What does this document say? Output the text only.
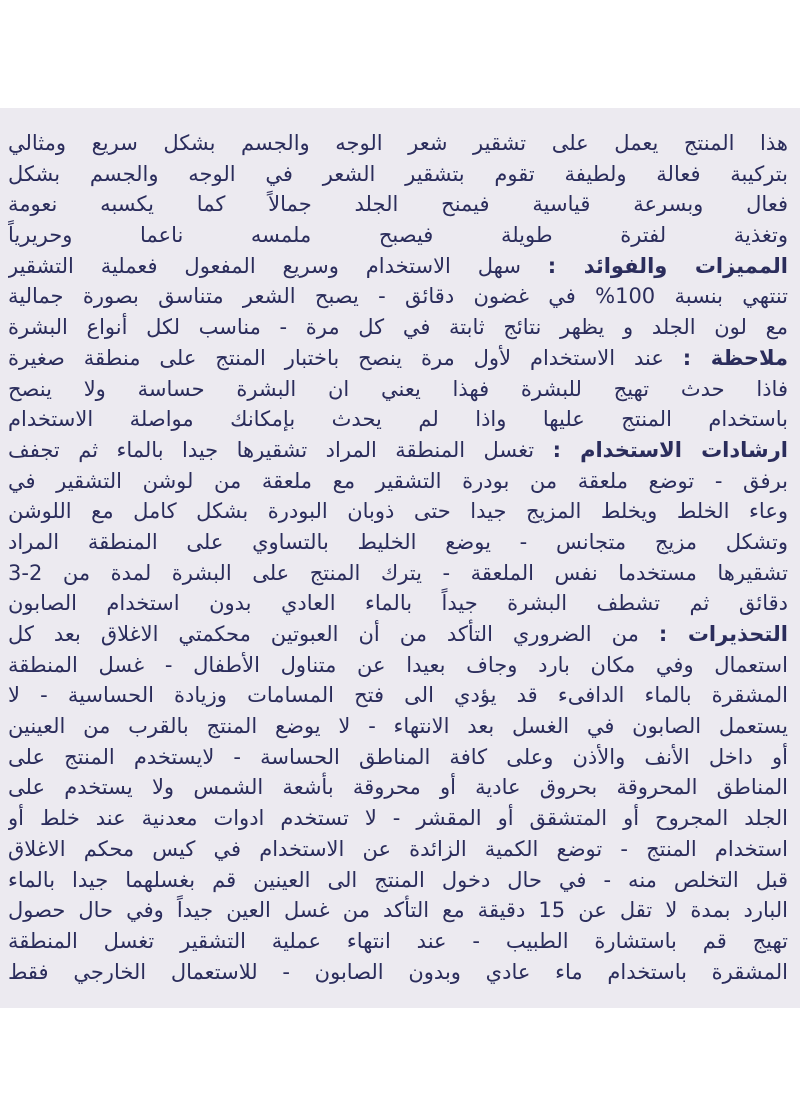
هذا المنتج يعمل على تشقير شعر الوجه والجسم بشكل سريع ومثالي
بتركيبة فعالة ولطيفة تقوم بتشقير الشعر في الوجه والجسم بشكل
فعال وبسرعة قياسية فيمنح الجلد جمالاً كما يكسبه نعومة
وتغذية لفترة طويلة فيصبح ملمسه ناعما وحريرياً
المميزات والفوائد : سهل الاستخدام وسريع المفعول فعملية التشقير
تنتهي بنسبة 100% في غضون دقائق - يصبح الشعر متناسق بصورة جمالية
مع لون الجلد و يظهر نتائج ثابتة في كل مرة - مناسب لكل أنواع البشرة
ملاحظة : عند الاستخدام لأول مرة ينصح باختبار المنتج على منطقة صغيرة
فاذا حدث تهيج للبشرة فهذا يعني ان البشرة حساسة ولا ينصح
باستخدام المنتج عليها واذا لم يحدث بإمكانك مواصلة الاستخدام
ارشادات الاستخدام : تغسل المنطقة المراد تشقيرها جيدا بالماء ثم تجفف
برفق - توضع ملعقة من بودرة التشقير مع ملعقة من لوشن التشقير في
وعاء الخلط ويخلط المزيج جيدا حتى ذوبان البودرة بشكل كامل مع اللوشن
وتشكل مزيج متجانس - يوضع الخليط بالتساوي على المنطقة المراد
تشقيرها مستخدما نفس الملعقة - يترك المنتج على البشرة لمدة من 2-3
دقائق ثم تشطف البشرة جيداً بالماء العادي بدون استخدام الصابون
التحذيرات : من الضروري التأكد من أن العبوتين محكمتي الاغلاق بعد كل
استعمال وفي مكان بارد وجاف بعيدا عن متناول الأطفال - غسل المنطقة
المشقرة بالماء الدافىء قد يؤدي الى فتح المسامات وزيادة الحساسية - لا
يستعمل الصابون في الغسل بعد الانتهاء - لا يوضع المنتج بالقرب من العينين
أو داخل الأنف والأذن وعلى كافة المناطق الحساسة - لايستخدم المنتج على
المناطق المحروقة بحروق عادية أو محروقة بأشعة الشمس ولا يستخدم على
الجلد المجروح أو المتشقق أو المقشر - لا تستخدم ادوات معدنية عند خلط أو
استخدام المنتج - توضع الكمية الزائدة عن الاستخدام في كيس محكم الاغلاق
قبل التخلص منه - في حال دخول المنتج الى العينين قم بغسلهما جيدا بالماء
البارد بمدة لا تقل عن 15 دقيقة مع التأكد من غسل العين جيداً وفي حال حصول
تهيج قم باستشارة الطبيب - عند انتهاء عملية التشقير تغسل المنطقة
المشقرة باستخدام ماء عادي وبدون الصابون - للاستعمال الخارجي فقط
